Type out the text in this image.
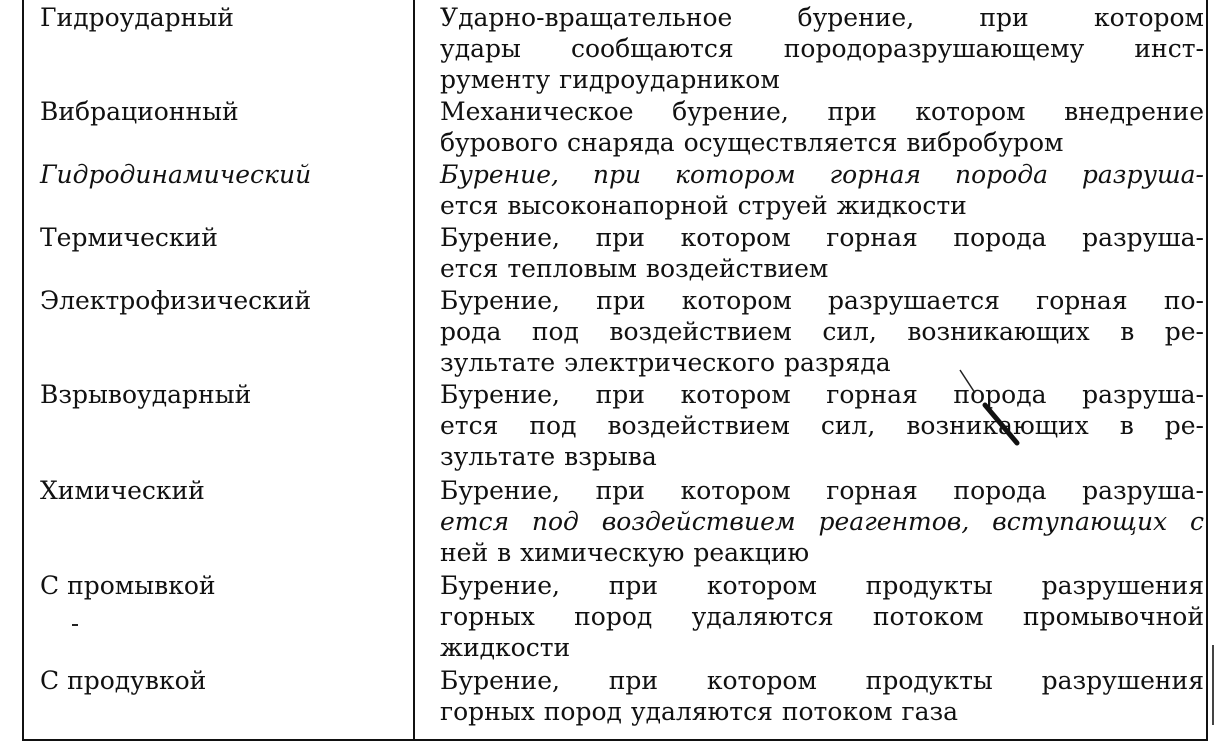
Гидроударный	Ударно-вращательное бурение, при котором
удары сообщаются породоразрушающему инст-
рументу гидроударником
Вибрационный	Механическое бурение, при котором внедрение
бурового снаряда осуществляется вибробуром
Гидродинамический	Бурение, при котором горная порода разруша-
ется высоконапорной струей жидкости
Термический	Бурение, при котором горная порода разруша-
ется тепловым воздействием
Электрофизический	Бурение, при котором разрушается горная по-
рода под воздействием сил, возникающих в ре-
зультате электрического разряда
Взрывоударный	Бурение, при котором горная порода разруша-
ется под воздействием сил, возникающих в ре-
зультате взрыва
Химический	Бурение, при котором горная порода разруша-
ется под воздействием реагентов, вступающих с
ней в химическую реакцию
С промывкой	Бурение, при котором продукты разрушения
горных пород удаляются потоком промывочной
жидкости
С продувкой	Бурение, при котором продукты разрушения
горных пород удаляются потоком газа
